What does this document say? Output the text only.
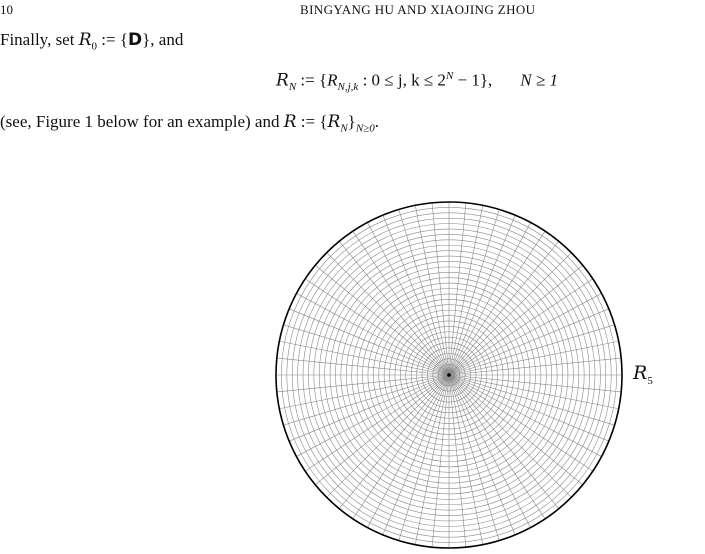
10	BINGYANG HU AND XIAOJING ZHOU
Finally, set $R_0$ := {D}, and
$R_N$ := {$R_{N,j,k}$ : 0 ≤ j, $k \le 2^N - 1$}, N ≥ 1
(see, Figure 1 below for an example) and R := $\{R_N\}_{N\ge 0}$.
$R_5$
